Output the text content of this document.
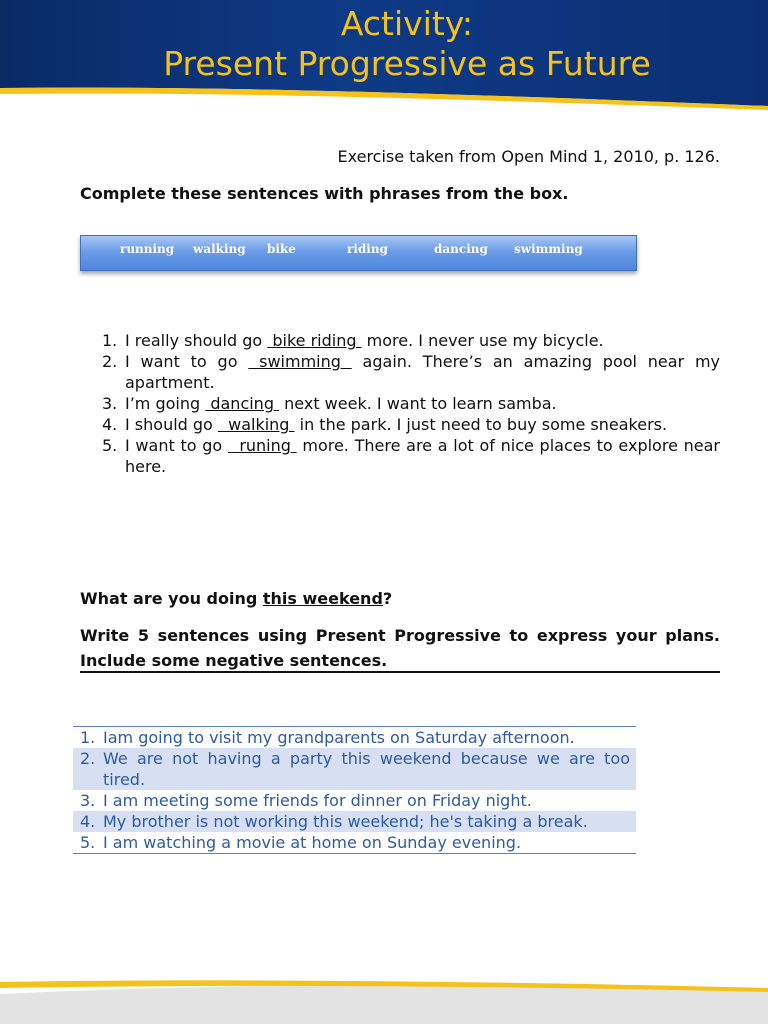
Activity:
Present Progressive as Future
Exercise taken from Open Mind 1, 2010, p. 126.
Complete these sentences with phrases from the box.
running walking bike	riding	dancing swimming
1. I really should go  bike riding  more. I never use my bicycle.
2. I want to go  swimming  again. There’s an amazing pool near my apartment.
3. I’m going  dancing  next week. I want to learn samba.
4. I should go   walking  in the park. I just need to buy some sneakers.
5. I want to go   runing  more. There are a lot of nice places to explore near here.
What are you doing this weekend?
Write 5 sentences using Present Progressive to express your plans. Include some negative sentences.
1. Iam going to visit my grandparents on Saturday afternoon.
2. We are not having a party this weekend because we are too tired.
3. I am meeting some friends for dinner on Friday night.
4. My brother is not working this weekend; he's taking a break.
5. I am watching a movie at home on Sunday evening.
